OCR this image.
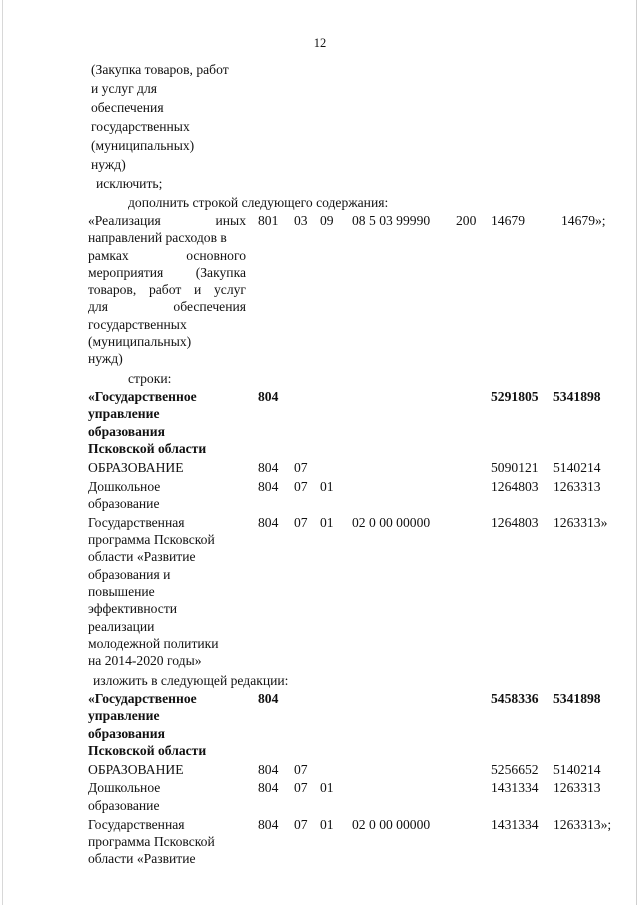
12
(Закупка товаров, работ
и услуг для
обеспечения
государственных
(муниципальных)
нужд)
исключить;
дополнить строкой следующего содержания:
«Реализация иных
направлений расходов в
рамках основного
мероприятия (Закупка
товаров, работ и услуг
для обеспечения
государственных
(муниципальных)
нужд)
801 03 09 08 5 03 99990 200 14679	14679»;
строки:
«Государственное
управление
образования
Псковской области
804	5291805 5341898
ОБРАЗОВАНИЕ	804 07	5090121 5140214
Дошкольное
образование
804 07 01	1264803 1263313
Государственная
программа Псковской
области «Развитие
образования и
повышение
эффективности
реализации
молодежной политики
на 2014-2020 годы»
804 07 01 02 0 00 00000	1264803 1263313»
изложить в следующей редакции:
«Государственное
управление
образования
Псковской области
804	5458336 5341898
ОБРАЗОВАНИЕ	804 07	5256652 5140214
Дошкольное
образование
804 07 01	1431334 1263313
Государственная
программа Псковской
области «Развитие
804 07 01 02 0 00 00000	1431334 1263313»;
